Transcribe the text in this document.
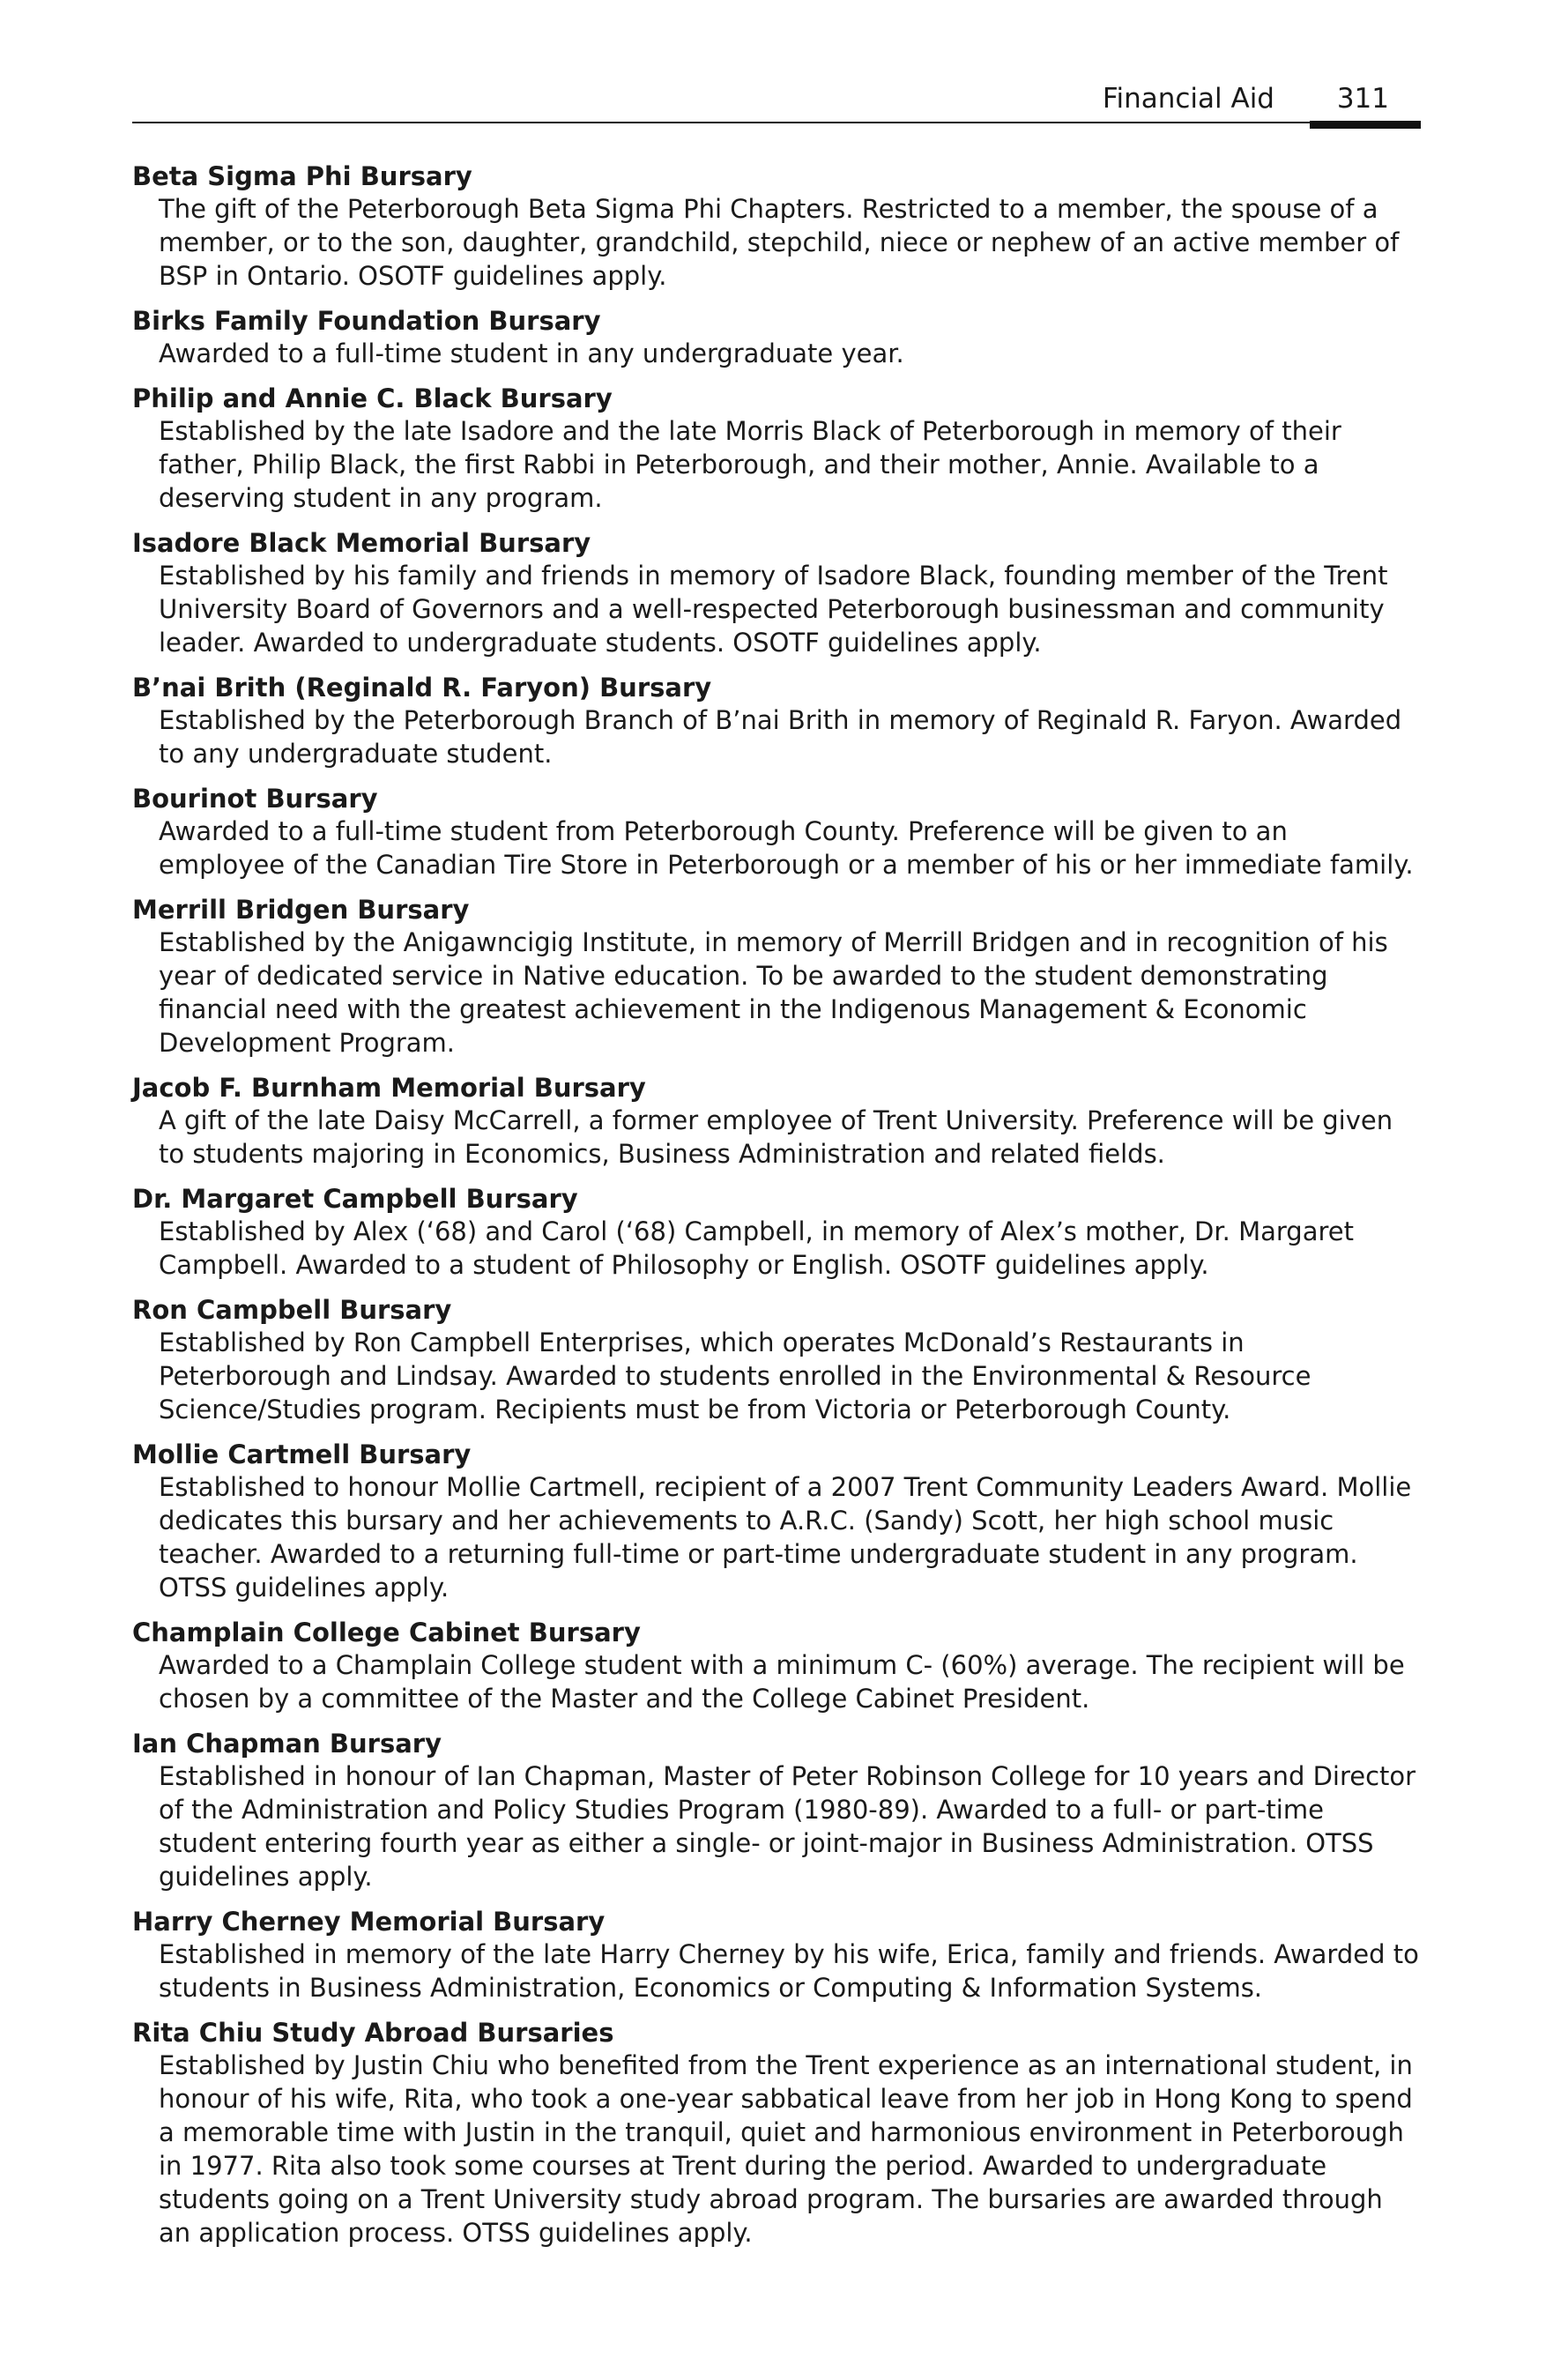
Financial Aid 311

Beta Sigma Phi Bursary

The gift of the Peterborough Beta Sigma Phi Chapters. Restricted to a member, the spouse of a member, or to the son, daughter, grandchild, stepchild, niece or nephew of an active member of BSP in Ontario. OSOTF guidelines apply.

Birks Family Foundation Bursary

Awarded to a full-time student in any undergraduate year.

Philip and Annie C. Black Bursary

Established by the late Isadore and the late Morris Black of Peterborough in memory of their father, Philip Black, the first Rabbi in Peterborough, and their mother, Annie. Available to a deserving student in any program.

Isadore Black Memorial Bursary

Established by his family and friends in memory of Isadore Black, founding member of the Trent University Board of Governors and a well-respected Peterborough businessman and community leader. Awarded to undergraduate students. OSOTF guidelines apply.

B’nai Brith (Reginald R. Faryon) Bursary

Established by the Peterborough Branch of B’nai Brith in memory of Reginald R. Faryon. Awarded to any undergraduate student.

Bourinot Bursary

Awarded to a full-time student from Peterborough County. Preference will be given to an employee of the Canadian Tire Store in Peterborough or a member of his or her immediate family.

Merrill Bridgen Bursary

Established by the Anigawncigig Institute, in memory of Merrill Bridgen and in recognition of his year of dedicated service in Native education. To be awarded to the student demonstrating financial need with the greatest achievement in the Indigenous Management & Economic Development Program.

Jacob F. Burnham Memorial Bursary

A gift of the late Daisy McCarrell, a former employee of Trent University. Preference will be given to students majoring in Economics, Business Administration and related fields.

Dr. Margaret Campbell Bursary

Established by Alex (‘68) and Carol (‘68) Campbell, in memory of Alex’s mother, Dr. Margaret Campbell. Awarded to a student of Philosophy or English. OSOTF guidelines apply.

Ron Campbell Bursary

Established by Ron Campbell Enterprises, which operates McDonald’s Restaurants in Peterborough and Lindsay. Awarded to students enrolled in the Environmental & Resource Science/Studies program. Recipients must be from Victoria or Peterborough County.

Mollie Cartmell Bursary

Established to honour Mollie Cartmell, recipient of a 2007 Trent Community Leaders Award. Mollie dedicates this bursary and her achievements to A.R.C. (Sandy) Scott, her high school music teacher. Awarded to a returning full-time or part-time undergraduate student in any program. OTSS guidelines apply.

Champlain College Cabinet Bursary

Awarded to a Champlain College student with a minimum C- (60%) average. The recipient will be chosen by a committee of the Master and the College Cabinet President.

Ian Chapman Bursary

Established in honour of Ian Chapman, Master of Peter Robinson College for 10 years and Director of the Administration and Policy Studies Program (1980-89). Awarded to a full- or part-time student entering fourth year as either a single- or joint-major in Business Administration. OTSS guidelines apply.

Harry Cherney Memorial Bursary

Established in memory of the late Harry Cherney by his wife, Erica, family and friends. Awarded to students in Business Administration, Economics or Computing & Information Systems.

Rita Chiu Study Abroad Bursaries

Established by Justin Chiu who benefited from the Trent experience as an international student, in honour of his wife, Rita, who took a one-year sabbatical leave from her job in Hong Kong to spend a memorable time with Justin in the tranquil, quiet and harmonious environment in Peterborough in 1977. Rita also took some courses at Trent during the period. Awarded to undergraduate students going on a Trent University study abroad program. The bursaries are awarded through an application process. OTSS guidelines apply.
